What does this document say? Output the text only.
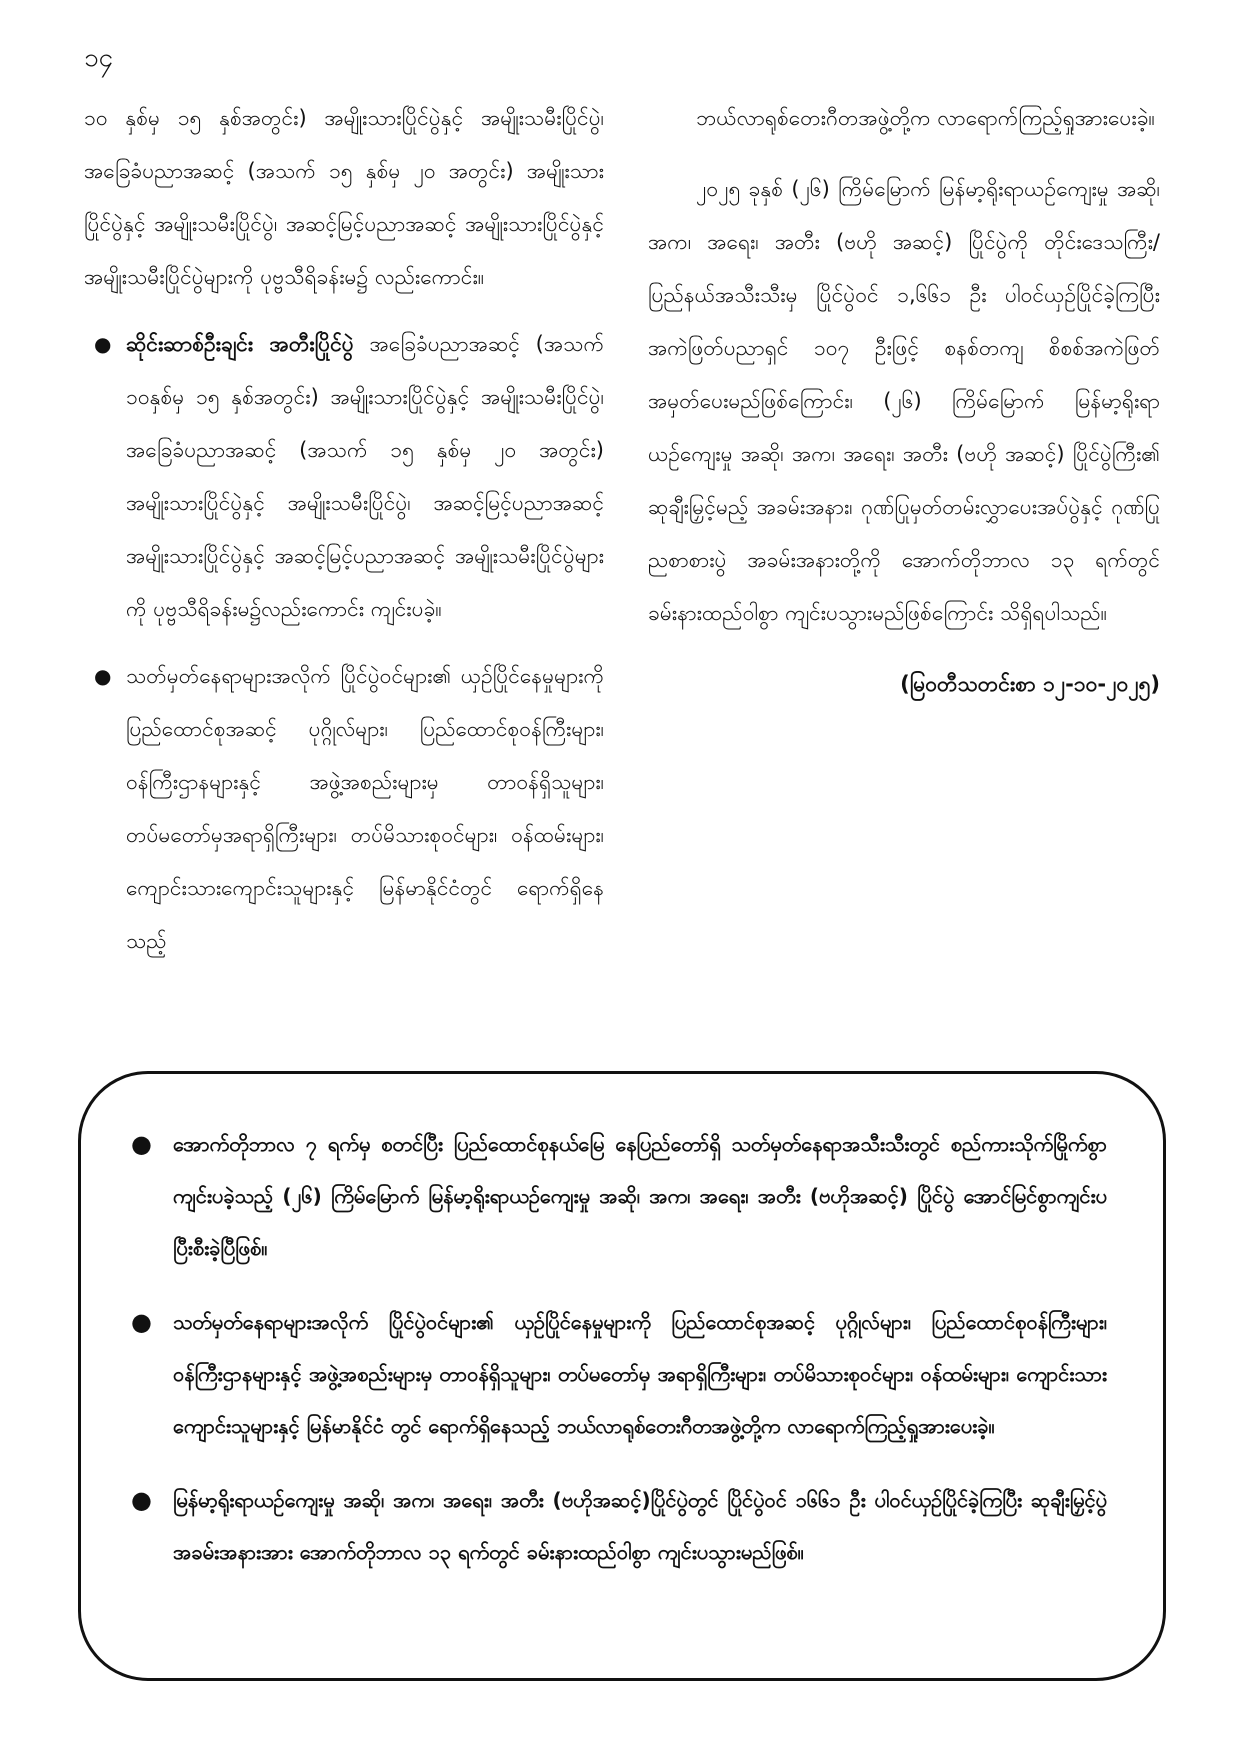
၁၄

၁၀ နှစ်မှ ၁၅ နှစ်အတွင်း) အမျိုးသားပြိုင်ပွဲနှင့် အမျိုးသမီးပြိုင်ပွဲ၊ အခြေခံပညာအဆင့် (အသက် ၁၅ နှစ်မှ ၂၀ အတွင်း) အမျိုးသားပြိုင်ပွဲနှင့် အမျိုးသမီးပြိုင်ပွဲ၊ အဆင့်မြင့်ပညာအဆင့် အမျိုးသားပြိုင်ပွဲနှင့် အမျိုးသမီးပြိုင်ပွဲများကို ပုဗ္ဗသီရိခန်းမ၌ လည်းကောင်း။

● ဆိုင်းဆာစ်ဦးချင်း အတီးပြိုင်ပွဲ အခြေခံပညာအဆင့် (အသက် ၁၀နှစ်မှ ၁၅ နှစ်အတွင်း) အမျိုးသားပြိုင်ပွဲနှင့် အမျိုးသမီးပြိုင်ပွဲ၊ အခြေခံပညာအဆင့် (အသက် ၁၅ နှစ်မှ ၂၀ အတွင်း) အမျိုးသားပြိုင်ပွဲနှင့် အမျိုးသမီးပြိုင်ပွဲ၊ အဆင့်မြင့်ပညာအဆင့် အမျိုးသားပြိုင်ပွဲနှင့် အဆင့်မြင့်ပညာအဆင့် အမျိုးသမီးပြိုင်ပွဲများကို ပုဗ္ဗသီရိခန်းမ၌လည်းကောင်း ကျင်းပခဲ့။
● သတ်မှတ်နေရာများအလိုက် ပြိုင်ပွဲဝင်များ၏ ယှဉ်ပြိုင်နေမှုများကို ပြည်ထောင်စုအဆင့် ပုဂ္ဂိုလ်များ၊ ပြည်ထောင်စုဝန်ကြီးများ၊ ဝန်ကြီးဌာနများနှင့် အဖွဲ့အစည်းများမှ တာဝန်ရှိသူများ၊ တပ်မတော်မှအရာရှိကြီးများ၊ တပ်မိသားစုဝင်များ၊ ဝန်ထမ်းများ၊ ကျောင်းသားကျောင်းသူများနှင့် မြန်မာနိုင်ငံတွင် ရောက်ရှိနေသည့်

ဘယ်လာရုစ်တေးဂီတအဖွဲ့တို့က လာရောက်ကြည့်ရှုအားပေးခဲ့။

၂၀၂၅ ခုနှစ် (၂၆) ကြိမ်မြောက် မြန်မာ့ရိုးရာယဉ်ကျေးမှု အဆို၊ အက၊ အရေး၊ အတီး (ဗဟို အဆင့်) ပြိုင်ပွဲကို တိုင်းဒေသကြီး/ ပြည်နယ်အသီးသီးမှ ပြိုင်ပွဲဝင် ၁,၆၆၁ ဦး ပါဝင်ယှဉ်ပြိုင်ခဲ့ကြပြီး အကဲဖြတ်ပညာရှင် ၁၀၇ ဦးဖြင့် စနစ်တကျ စိစစ်အကဲဖြတ်အမှတ်ပေးမည်ဖြစ်ကြောင်း၊ (၂၆) ကြိမ်မြောက် မြန်မာ့ရိုးရာယဉ်ကျေးမှု အဆို၊ အက၊ အရေး၊ အတီး (ဗဟို အဆင့်) ပြိုင်ပွဲကြီး၏ ဆုချီးမြှင့်မည့် အခမ်းအနား၊ ဂုဏ်ပြုမှတ်တမ်းလွှာပေးအပ်ပွဲနှင့် ဂုဏ်ပြုညစာစားပွဲ အခမ်းအနားတို့ကို အောက်တိုဘာလ ၁၃ ရက်တွင် ခမ်းနားထည်ဝါစွာ ကျင်းပသွားမည်ဖြစ်ကြောင်း သိရှိရပါသည်။

(မြဝတီသတင်းစာ ၁၂-၁၀-၂၀၂၅)

● အောက်တိုဘာလ ၇ ရက်မှ စတင်ပြီး ပြည်ထောင်စုနယ်မြေ နေပြည်တော်ရှိ သတ်မှတ်နေရာအသီးသီးတွင် စည်ကားသိုက်မြိုက်စွာ ကျင်းပခဲ့သည့် (၂၆) ကြိမ်မြောက် မြန်မာ့ရိုးရာယဉ်ကျေးမှု အဆို၊ အက၊ အရေး၊ အတီး (ဗဟိုအဆင့်) ပြိုင်ပွဲ အောင်မြင်စွာကျင်းပပြီးစီးခဲ့ပြီဖြစ်။
● သတ်မှတ်နေရာများအလိုက် ပြိုင်ပွဲဝင်များ၏ ယှဉ်ပြိုင်နေမှုများကို ပြည်ထောင်စုအဆင့် ပုဂ္ဂိုလ်များ၊ ပြည်ထောင်စုဝန်ကြီးများ၊ ဝန်ကြီးဌာနများနှင့် အဖွဲ့အစည်းများမှ တာဝန်ရှိသူများ၊ တပ်မတော်မှ အရာရှိကြီးများ၊ တပ်မိသားစုဝင်များ၊ ဝန်ထမ်းများ၊ ကျောင်းသား ကျောင်းသူများနှင့် မြန်မာနိုင်ငံ တွင် ရောက်ရှိနေသည့် ဘယ်လာရုစ်တေးဂီတအဖွဲ့တို့က လာရောက်ကြည့်ရှုအားပေးခဲ့။
● မြန်မာ့ရိုးရာယဉ်ကျေးမှု အဆို၊ အက၊ အရေး၊ အတီး (ဗဟိုအဆင့်)ပြိုင်ပွဲတွင် ပြိုင်ပွဲဝင် ၁၆၆၁ ဦး ပါဝင်ယှဉ်ပြိုင်ခဲ့ကြပြီး ဆုချီးမြှင့်ပွဲအခမ်းအနားအား အောက်တိုဘာလ ၁၃ ရက်တွင် ခမ်းနားထည်ဝါစွာ ကျင်းပသွားမည်ဖြစ်။
